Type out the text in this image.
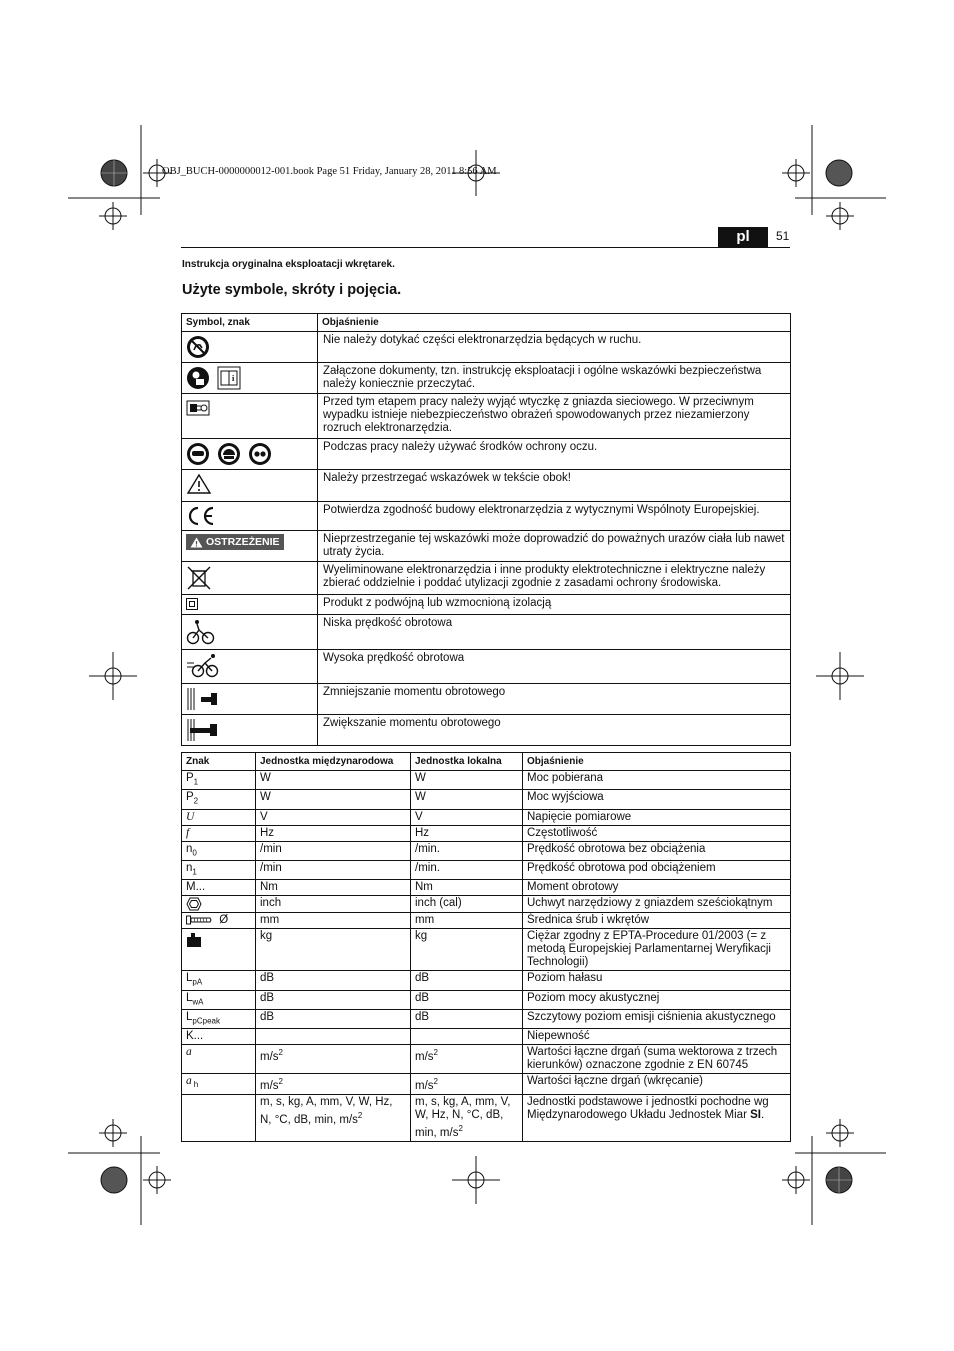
OBJ_BUCH-0000000012-001.book Page 51 Friday, January 28, 2011 8:56 AM
pl	51
Instrukcja oryginalna eksploatacji wkrętarek.
Użyte symbole, skróty i pojęcia.
Symbol, znak	Objaśnienie
	Nie należy dotykać części elektronarzędzia będących w ruchu.

i	Załączone dokumenty, tzn. instrukcję eksploatacji i ogólne wskazówki bezpieczeństwa należy koniecznie przeczytać.
	Przed tym etapem pracy należy wyjąć wtyczkę z gniazda sieciowego. W przeciwnym wypadku istnieje niebezpieczeństwo obrażeń spowodowanych przez niezamierzony rozruch elektronarzędzia.
	Podczas pracy należy używać środków ochrony oczu.
	Należy przestrzegać wskazówek w tekście obok!
	Potwierdza zgodność budowy elektronarzędzia z wytycznymi Wspólnoty Europejskiej.

OSTRZEŻENIE	Nieprzestrzeganie tej wskazówki może doprowadzić do poważnych urazów ciała lub nawet utraty życia.
	Wyeliminowane elektronarzędzia i inne produkty elektrotechniczne i elektryczne należy zbierać oddzielnie i poddać utylizacji zgodnie z zasadami ochrony środowiska.
	Produkt z podwójną lub wzmocnioną izolacją
	Niska prędkość obrotowa
	Wysoka prędkość obrotowa
	Zmniejszanie momentu obrotowego
	Zwiększanie momentu obrotowego
Znak	Jednostka międzynarodowa	Jednostka lokalna	Objaśnienie
$P_1$	W	W	Moc pobierana
$P_2$	W	W	Moc wyjściowa
U	V	V	Napięcie pomiarowe
f	Hz	Hz	Częstotliwość
$n_0$	/min	/min.	Prędkość obrotowa bez obciążenia
$n_1$	/min	/min.	Prędkość obrotowa pod obciążeniem
M...	Nm	Nm	Moment obrotowy
	inch	inch (cal)	Uchwyt narzędziowy z gniazdem sześciokątnym
Ø	mm	mm	Średnica śrub i wkrętów
	kg	kg	Ciężar zgodny z EPTA-Procedure 01/2003 (= z metodą Europejskiej Parlamentarnej Weryfikacji Technologii)
$L_{pA}$	dB	dB	Poziom hałasu
$L_{wA}$	dB	dB	Poziom mocy akustycznej
$L_{pCpeak}$	dB	dB	Szczytowy poziom emisji ciśnienia akustycznego
K...			Niepewność
a	$m/s^2$	$m/s^2$	Wartości łączne drgań (suma wektorowa z trzech kierunków) oznaczone zgodnie z EN 60745
a $_h$	$m/s^2$	$m/s^2$	Wartości łączne drgań (wkręcanie)
	m, s, kg, A, mm, V, W, Hz, N, °C, dB, min, $m/s^2$	m, s, kg, A, mm, V, W, Hz, N, °C, dB, min, $m/s^2$	Jednostki podstawowe i jednostki pochodne wg Międzynarodowego Układu Jednostek Miar SI.
